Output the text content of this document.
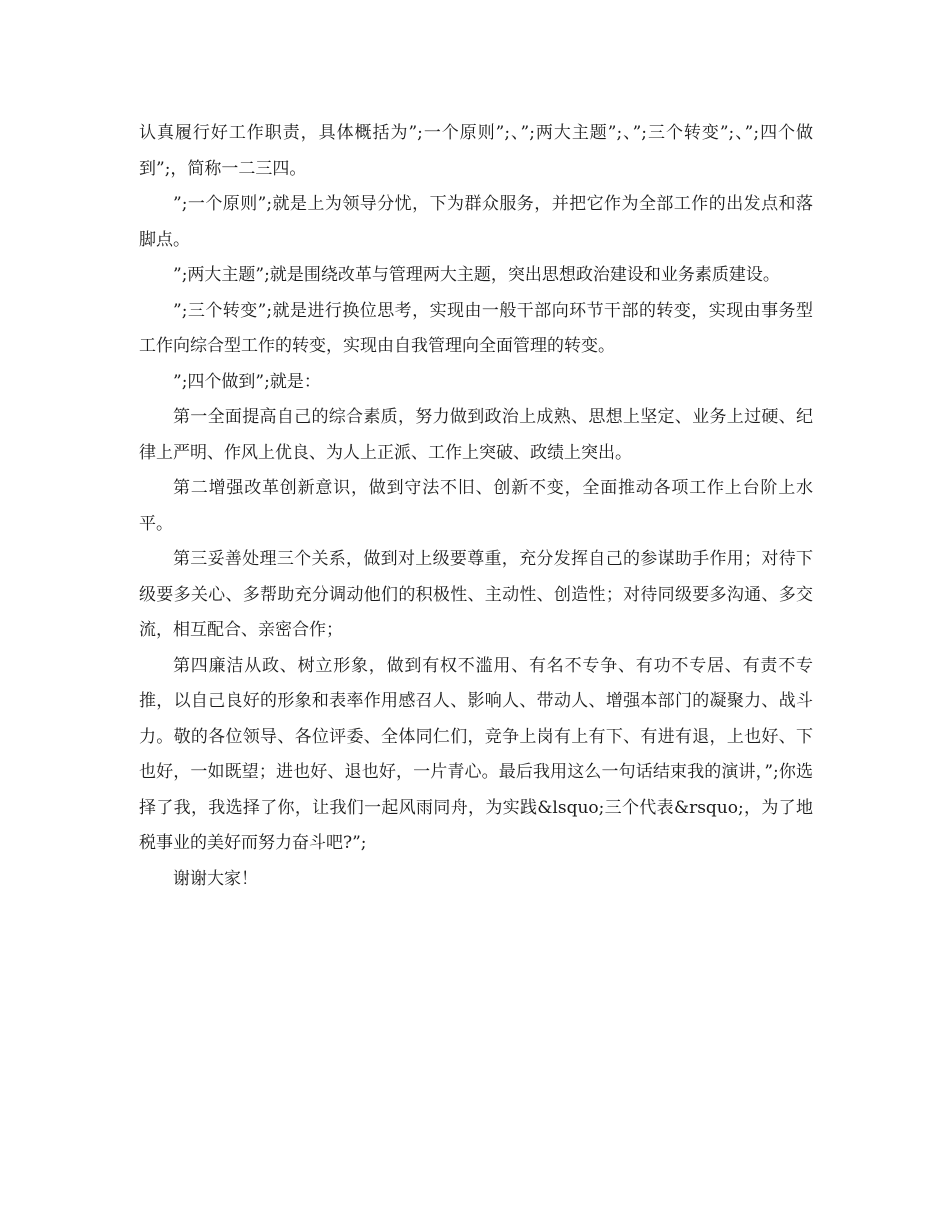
认真履行好工作职责，具体概括为”;一个原则”;、”;两大主题”;、”;三个转变”;、”;四个做到”;，简称一二三四。

”;一个原则”;就是上为领导分忧，下为群众服务，并把它作为全部工作的出发点和落脚点。

”;两大主题”;就是围绕改革与管理两大主题，突出思想政治建设和业务素质建设。

”;三个转变”;就是进行换位思考，实现由一般干部向环节干部的转变，实现由事务型工作向综合型工作的转变，实现由自我管理向全面管理的转变。

”;四个做到”;就是：

第一全面提高自己的综合素质，努力做到政治上成熟、思想上坚定、业务上过硬、纪律上严明、作风上优良、为人上正派、工作上突破、政绩上突出。

第二增强改革创新意识，做到守法不旧、创新不变，全面推动各项工作上台阶上水平。

第三妥善处理三个关系，做到对上级要尊重，充分发挥自己的参谋助手作用；对待下级要多关心、多帮助充分调动他们的积极性、主动性、创造性；对待同级要多沟通、多交流，相互配合、亲密合作；

第四廉洁从政、树立形象，做到有权不滥用、有名不专争、有功不专居、有责不专推，以自己良好的形象和表率作用感召人、影响人、带动人、增强本部门的凝聚力、战斗力。敬的各位领导、各位评委、全体同仁们，竞争上岗有上有下、有进有退，上也好、下也好，一如既望；进也好、退也好，一片青心。最后我用这么一句话结束我的演讲，”;你选择了我，我选择了你，让我们一起风雨同舟，为实践&lsquo;三个代表&rsquo;，为了地税事业的美好而努力奋斗吧?”;

谢谢大家！
